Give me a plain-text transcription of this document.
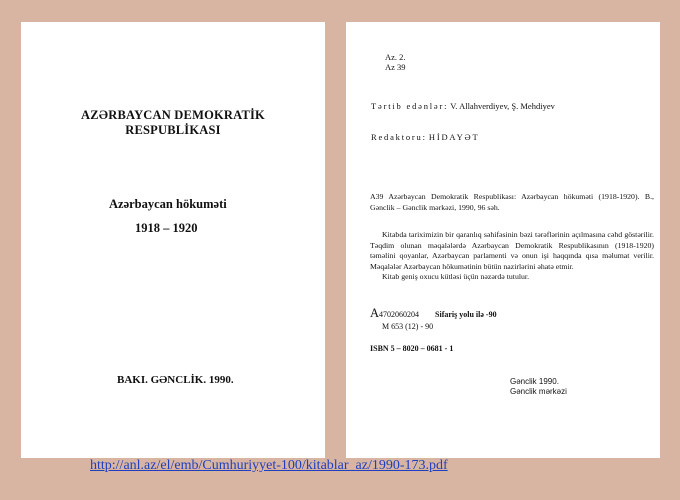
AZƏRBAYCAN DEMOKRATİK
RESPUBLİKASI
Azərbaycan hökuməti
1918 – 1920
BAKI. GƏNCLİK. 1990.
Az. 2.
Az 39
Tərtib edənlər: V. Allahverdiyev, Ş. Mehdiyev
Redaktoru: HİDAYƏT

A39 Azərbaycan Demokratik Respublikası: Azərbaycan hökuməti (1918-1920). B., Gənclik – Gənclik mərkəzi, 1990, 96 səh.

Kitabda tariximizin bir qaranlıq səhifəsinin bəzi tərəflərinin açılmasına cəhd göstərilir. Təqdim olunan məqalələrdə Azərbaycan Demokratik Respublikasının (1918-1920) təməlini qoyanlar, Azərbaycan parlamenti və onun işi haqqında qısa məlumat verilir. Məqalələr Azərbaycan hökumətinin bütün nazirlərini əhatə etmir.

Kitab geniş oxucu kütləsi üçün nəzərdə tutulur.

A4702060204 Sifariş yolu ilə -90
M 653 (12) - 90
ISBN 5 – 8020 – 0681 - 1
Gənclik 1990.
Gənclik mərkəzi
http://anl.az/el/emb/Cumhuriyyet-100/kitablar_az/1990-173.pdf
